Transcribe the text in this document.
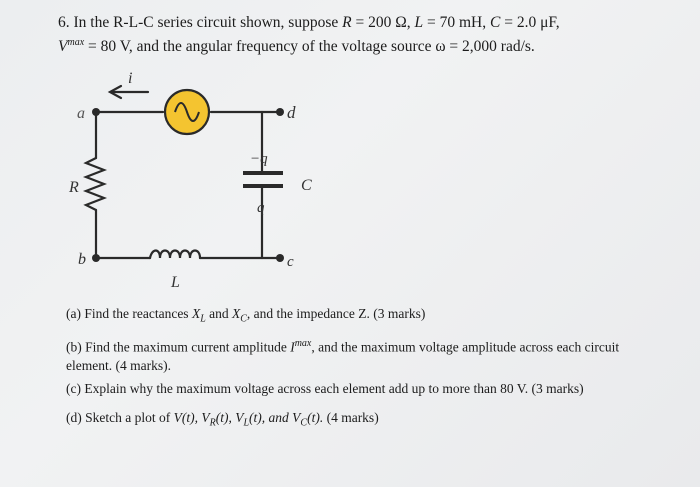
6. In the R-L-C series circuit shown, suppose R = 200 Ω, L = 70 mH, C = 2.0 μF,
$V^{max} = 80$ V, and the angular frequency of the voltage source ω = 2,000 rad/s.
a
b	c
d
i
R
L
C
−q
q
(a) Find the reactances $X_L$ and $X_C$, and the impedance Z. (3 marks)
(b) Find the maximum current amplitude $I^{max}$, and the maximum voltage amplitude across each circuit element. (4 marks).
(c) Explain why the maximum voltage across each element add up to more than 80 V. (3 marks)
(d) Sketch a plot of V(t), $V_R(t)$, $V_L(t)$, and $V_C(t)$. (4 marks)
